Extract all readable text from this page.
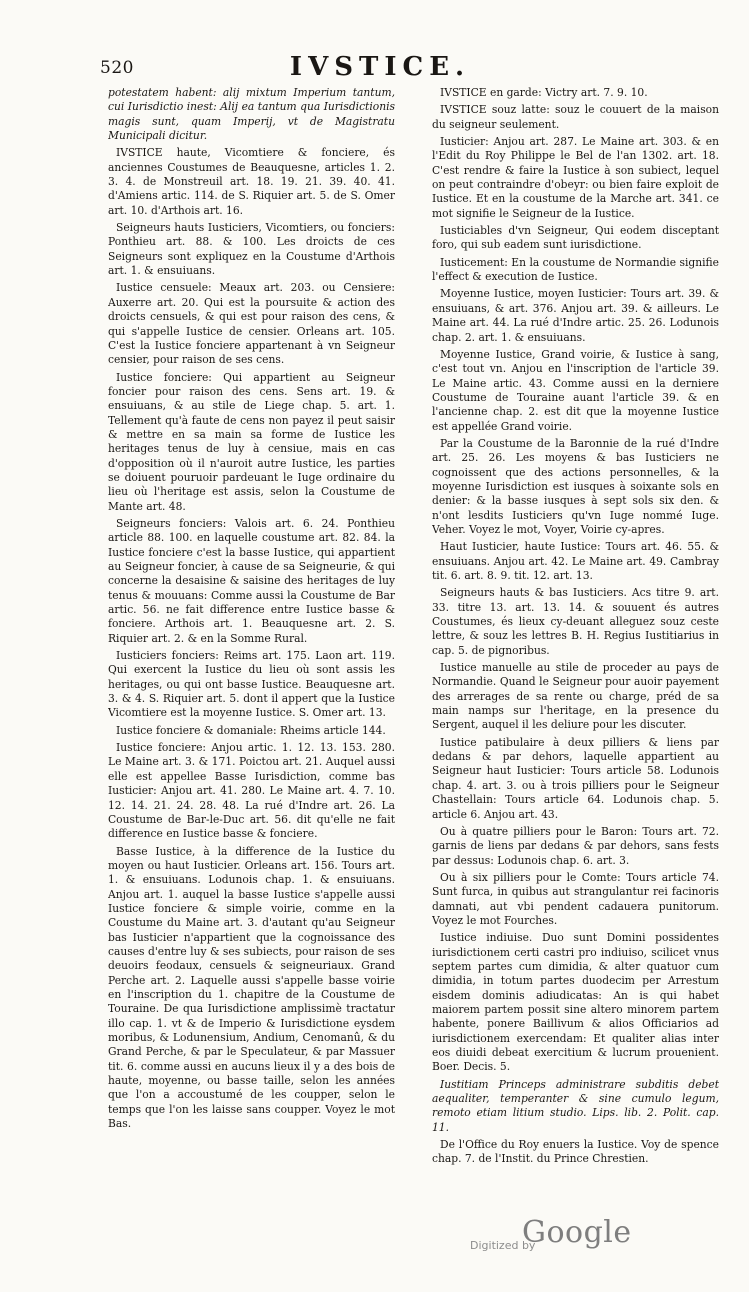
520	IVSTICE.

potestatem habent: alij mixtum Imperium tantum, cui Iurisdictio inest: Alij ea tantum qua Iurisdictionis magis sunt, quam Imperij, vt de Magistratu Municipali dicitur.

IVSTICE haute, Vicomtiere & fonciere, és anciennes Coustumes de Beauquesne, articles 1. 2. 3. 4. de Monstreuil art. 18. 19. 21. 39. 40. 41. d'Amiens artic. 114. de S. Riquier art. 5. de S. Omer art. 10. d'Arthois art. 16.

Seigneurs hauts Iusticiers, Vicomtiers, ou fonciers: Ponthieu art. 88. & 100. Les droicts de ces Seigneurs sont expliquez en la Coustume d'Arthois art. 1. & ensuiuans.

Iustice censuele: Meaux art. 203. ou Censiere: Auxerre art. 20. Qui est la poursuite & action des droicts censuels, & qui est pour raison des cens, & qui s'appelle Iustice de censier. Orleans art. 105. C'est la Iustice fonciere appartenant à vn Seigneur censier, pour raison de ses cens.

Iustice fonciere: Qui appartient au Seigneur foncier pour raison des cens. Sens art. 19. & ensuiuans, & au stile de Liege chap. 5. art. 1. Tellement qu'à faute de cens non payez il peut saisir & mettre en sa main sa forme de Iustice les heritages tenus de luy à censiue, mais en cas d'opposition où il n'auroit autre Iustice, les parties se doiuent pouruoir pardeuant le Iuge ordinaire du lieu où l'heritage est assis, selon la Coustume de Mante art. 48.

Seigneurs fonciers: Valois art. 6. 24. Ponthieu article 88. 100. en laquelle coustume art. 82. 84. la Iustice fonciere c'est la basse Iustice, qui appartient au Seigneur foncier, à cause de sa Seigneurie, & qui concerne la desaisine & saisine des heritages de luy tenus & mouuans: Comme aussi la Coustume de Bar artic. 56. ne fait difference entre Iustice basse & fonciere. Arthois art. 1. Beauquesne art. 2. S. Riquier art. 2. & en la Somme Rural.

Iusticiers fonciers: Reims art. 175. Laon art. 119. Qui exercent la Iustice du lieu où sont assis les heritages, ou qui ont basse Iustice. Beauquesne art. 3. & 4. S. Riquier art. 5. dont il appert que la Iustice Vicomtiere est la moyenne Iustice. S. Omer art. 13.

Iustice fonciere & domaniale: Rheims article 144.

Iustice fonciere: Anjou artic. 1. 12. 13. 153. 280. Le Maine art. 3. & 171. Poictou art. 21. Auquel aussi elle est appellee Basse Iurisdiction, comme bas Iusticier: Anjou art. 41. 280. Le Maine art. 4. 7. 10. 12. 14. 21. 24. 28. 48. La rué d'Indre art. 26. La Coustume de Bar-le-Duc art. 56. dit qu'elle ne fait difference en Iustice basse & fonciere.

Basse Iustice, à la difference de la Iustice du moyen ou haut Iusticier. Orleans art. 156. Tours art. 1. & ensuiuans. Lodunois chap. 1. & ensuiuans. Anjou art. 1. auquel la basse Iustice s'appelle aussi Iustice fonciere & simple voirie, comme en la Coustume du Maine art. 3. d'autant qu'au Seigneur bas Iusticier n'appartient que la cognoissance des causes d'entre luy & ses subiects, pour raison de ses deuoirs feodaux, censuels & seigneuriaux. Grand Perche art. 2. Laquelle aussi s'appelle basse voirie en l'inscription du 1. chapitre de la Coustume de Touraine. De qua Iurisdictione amplissimè tractatur illo cap. 1. vt & de Imperio & Iurisdictione eysdem moribus, & Lodunensium, Andium, Cenomanû, & du Grand Perche, & par le Speculateur, & par Massuer tit. 6. comme aussi en aucuns lieux il y a des bois de haute, moyenne, ou basse taille, selon les années que l'on a accoustumé de les coupper, selon le temps que l'on les laisse sans coupper. Voyez le mot Bas.

IVSTICE en garde: Victry art. 7. 9. 10.

IVSTICE souz latte: souz le couuert de la maison du seigneur seulement.

Iusticier: Anjou art. 287. Le Maine art. 303. & en l'Edit du Roy Philippe le Bel de l'an 1302. art. 18. C'est rendre & faire la Iustice à son subiect, lequel on peut contraindre d'obeyr: ou bien faire exploit de Iustice. Et en la coustume de la Marche art. 341. ce mot signifie le Seigneur de la Iustice.

Iusticiables d'vn Seigneur, Qui eodem disceptant foro, qui sub eadem sunt iurisdictione.

Iusticement: En la coustume de Normandie signifie l'effect & execution de Iustice.

Moyenne Iustice, moyen Iusticier: Tours art. 39. & ensuiuans, & art. 376. Anjou art. 39. & ailleurs. Le Maine art. 44. La rué d'Indre artic. 25. 26. Lodunois chap. 2. art. 1. & ensuiuans.

Moyenne Iustice, Grand voirie, & Iustice à sang, c'est tout vn. Anjou en l'inscription de l'article 39. Le Maine artic. 43. Comme aussi en la derniere Coustume de Touraine auant l'article 39. & en l'ancienne chap. 2. est dit que la moyenne Iustice est appellée Grand voirie.

Par la Coustume de la Baronnie de la rué d'Indre art. 25. 26. Les moyens & bas Iusticiers ne cognoissent que des actions personnelles, & la moyenne Iurisdiction est iusques à soixante sols en denier: & la basse iusques à sept sols six den. & n'ont lesdits Iusticiers qu'vn Iuge nommé Iuge. Veher. Voyez le mot, Voyer, Voirie cy-apres.

Haut Iusticier, haute Iustice: Tours art. 46. 55. & ensuiuans. Anjou art. 42. Le Maine art. 49. Cambray tit. 6. art. 8. 9. tit. 12. art. 13.

Seigneurs hauts & bas Iusticiers. Acs titre 9. art. 33. titre 13. art. 13. 14. & souuent és autres Coustumes, és lieux cy-deuant alleguez souz ceste lettre, & souz les lettres B. H. Regius Iustitiarius in cap. 5. de pignoribus.

Iustice manuelle au stile de proceder au pays de Normandie. Quand le Seigneur pour auoir payement des arrerages de sa rente ou charge, préd de sa main namps sur l'heritage, en la presence du Sergent, auquel il les deliure pour les discuter.

Iustice patibulaire à deux pilliers & liens par dedans & par dehors, laquelle appartient au Seigneur haut Iusticier: Tours article 58. Lodunois chap. 4. art. 3. ou à trois pilliers pour le Seigneur Chastellain: Tours article 64. Lodunois chap. 5. article 6. Anjou art. 43.

Ou à quatre pilliers pour le Baron: Tours art. 72. garnis de liens par dedans & par dehors, sans fests par dessus: Lodunois chap. 6. art. 3.

Ou à six pilliers pour le Comte: Tours article 74. Sunt furca, in quibus aut strangulantur rei facinoris damnati, aut vbi pendent cadauera punitorum. Voyez le mot Fourches.

Iustice indiuise. Duo sunt Domini possidentes iurisdictionem certi castri pro indiuiso, scilicet vnus septem partes cum dimidia, & alter quatuor cum dimidia, in totum partes duodecim per Arrestum eisdem dominis adiudicatas: An is qui habet maiorem partem possit sine altero minorem partem habente, ponere Baillivum & alios Officiarios ad iurisdictionem exercendam: Et qualiter alias inter eos diuidi debeat exercitium & lucrum prouenient. Boer. Decis. 5.

Iustitiam Princeps administrare subditis debet aequaliter, temperanter & sine cumulo legum, remoto etiam litium studio. Lips. lib. 2. Polit. cap. 11.

De l'Office du Roy enuers la Iustice. Voy de spence chap. 7. de l'Instit. du Prince Chrestien.

Digitized by
Google
